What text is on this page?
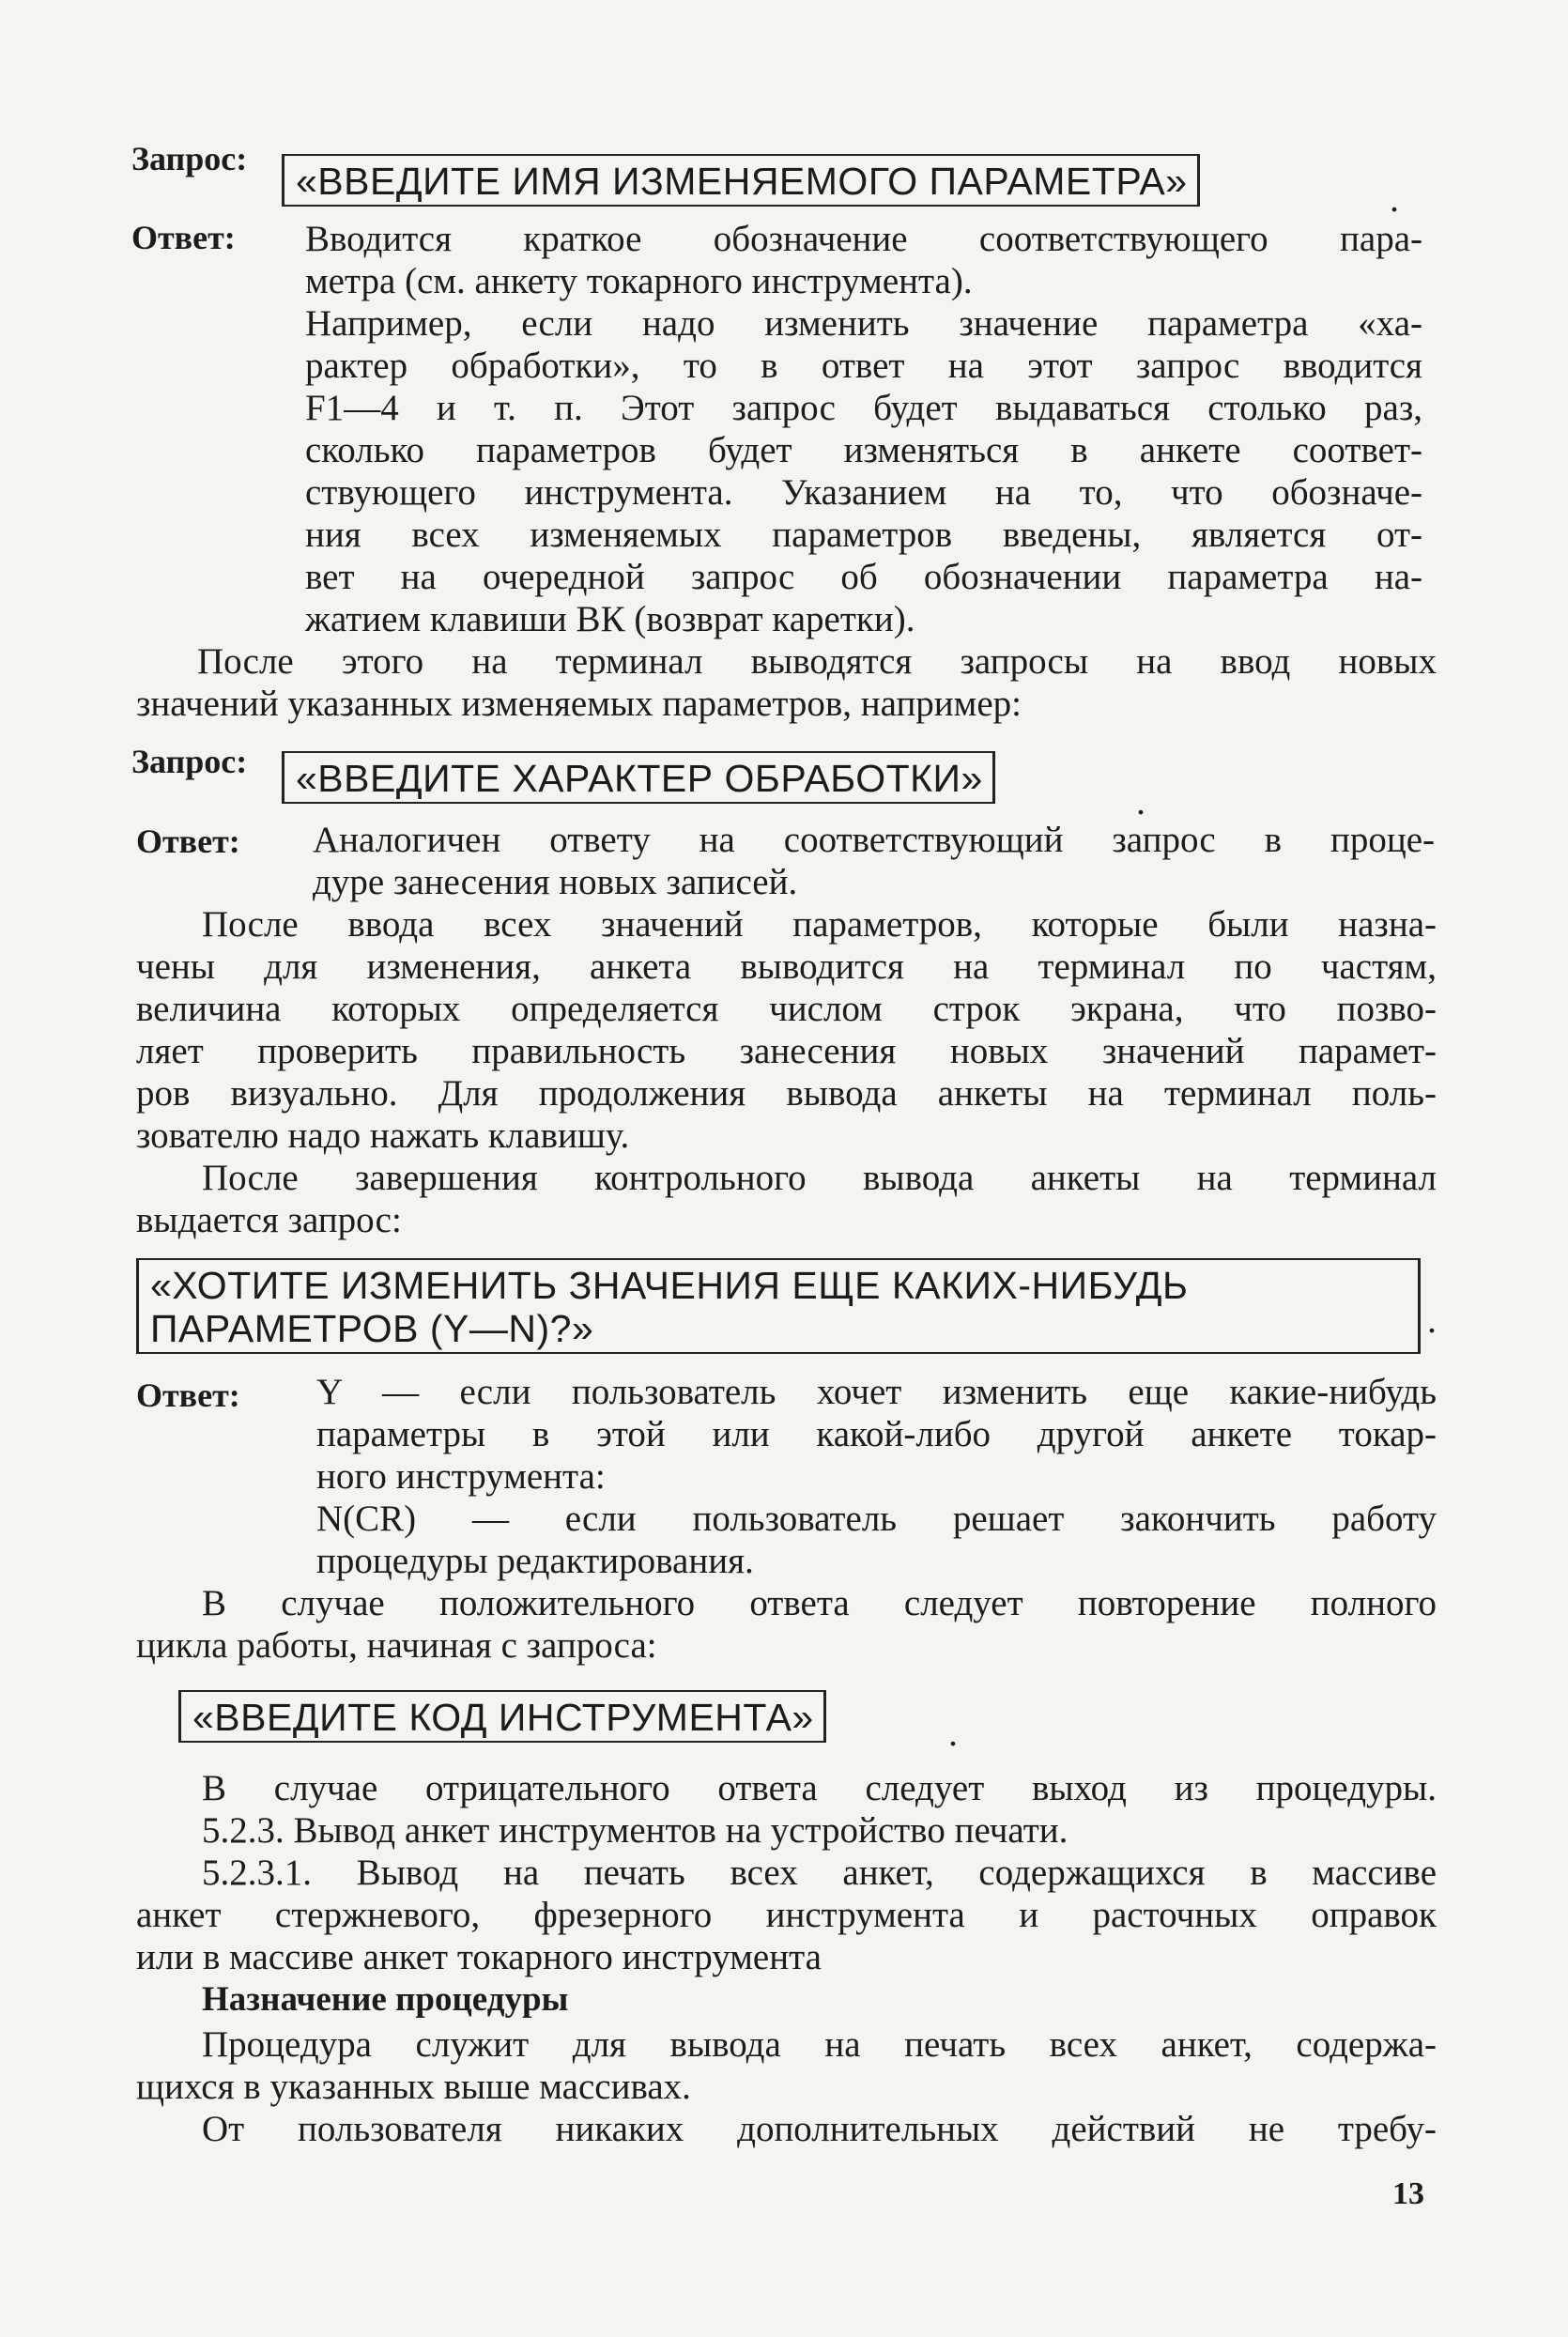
Запрос:
«ВВЕДИТЕ ИМЯ ИЗМЕНЯЕМОГО ПАРАМЕТРА»	.
Ответ: Вводится краткое обозначение соответствующего пара-
метра (см. анкету токарного инструмента).
Например, если надо изменить значение параметра «ха-
рактер обработки», то в ответ на этот запрос вводится
F1—4 и т. п. Этот запрос будет выдаваться столько раз,
сколько параметров будет изменяться в анкете соответ-
ствующего инструмента. Указанием на то, что обозначе-
ния всех изменяемых параметров введены, является от-
вет на очередной запрос об обозначении параметра на-
жатием клавиши ВК (возврат каретки).
После этого на терминал выводятся запросы на ввод новых
значений указанных изменяемых параметров, например:
Запрос:	«ВВЕДИТЕ ХАРАКТЕР ОБРАБОТКИ»
.
Ответ: Аналогичен ответу на соответствующий запрос в проце-
дуре занесения новых записей.
После ввода всех значений параметров, которые были назна-
чены для изменения, анкета выводится на терминал по частям,
величина которых определяется числом строк экрана, что позво-
ляет проверить правильность занесения новых значений парамет-
ров визуально. Для продолжения вывода анкеты на терминал поль-
зователю надо нажать клавишу.
После завершения контрольного вывода анкеты на терминал
выдается запрос:
«ХОТИТЕ ИЗМЕНИТЬ ЗНАЧЕНИЯ ЕЩЕ КАКИХ-НИБУДЬ
ПАРАМЕТРОВ (Y—N)?»	.
Ответ: Y — если пользователь хочет изменить еще какие-нибудь
параметры в этой или какой-либо другой анкете токар-
ного инструмента:
N(CR) — если пользователь решает закончить работу
процедуры редактирования.
В случае положительного ответа следует повторение полного
цикла работы, начиная с запроса:
«ВВЕДИТЕ КОД ИНСТРУМЕНТА»	.
В случае отрицательного ответа следует выход из процедуры.
5.2.3. Вывод анкет инструментов на устройство печати.
5.2.3.1. Вывод на печать всех анкет, содержащихся в массиве
анкет стержневого, фрезерного инструмента и расточных оправок
или в массиве анкет токарного инструмента
Назначение процедуры
Процедура служит для вывода на печать всех анкет, содержа-
щихся в указанных выше массивах.
От пользователя никаких дополнительных действий не требу-
13
